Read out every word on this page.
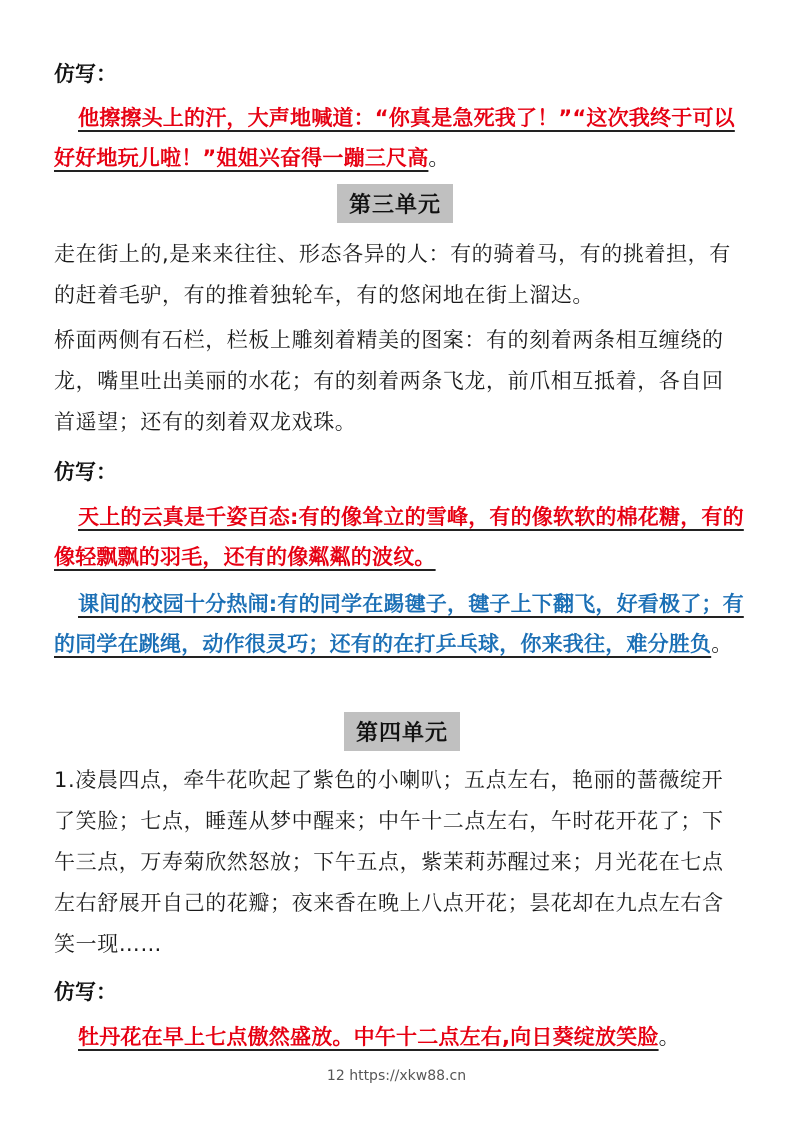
仿写：
他擦擦头上的汗，大声地喊道：“你真是急死我了！”“这次我终于可以好好地玩儿啦！”姐姐兴奋得一蹦三尺高。
第三单元
走在街上的,是来来往往、形态各异的人：有的骑着马，有的挑着担，有的赶着毛驴，有的推着独轮车，有的悠闲地在街上溜达。
桥面两侧有石栏，栏板上雕刻着精美的图案：有的刻着两条相互缠绕的龙，嘴里吐出美丽的水花；有的刻着两条飞龙，前爪相互抵着，各自回首遥望；还有的刻着双龙戏珠。
仿写：
天上的云真是千姿百态:有的像耸立的雪峰，有的像软软的棉花糖，有的像轻飘飘的羽毛，还有的像粼粼的波纹。
课间的校园十分热闹:有的同学在踢毽子，毽子上下翻飞，好看极了；有的同学在跳绳，动作很灵巧；还有的在打乒乓球，你来我往，难分胜负。
第四单元
1.凌晨四点，牵牛花吹起了紫色的小喇叭；五点左右，艳丽的蔷薇绽开了笑脸；七点，睡莲从梦中醒来；中午十二点左右，午时花开花了；下午三点，万寿菊欣然怒放；下午五点，紫茉莉苏醒过来；月光花在七点左右舒展开自己的花瓣；夜来香在晚上八点开花；昙花却在九点左右含笑一现……
仿写：
牡丹花在早上七点傲然盛放。中午十二点左右,向日葵绽放笑脸。
12 https://xkw88.cn
